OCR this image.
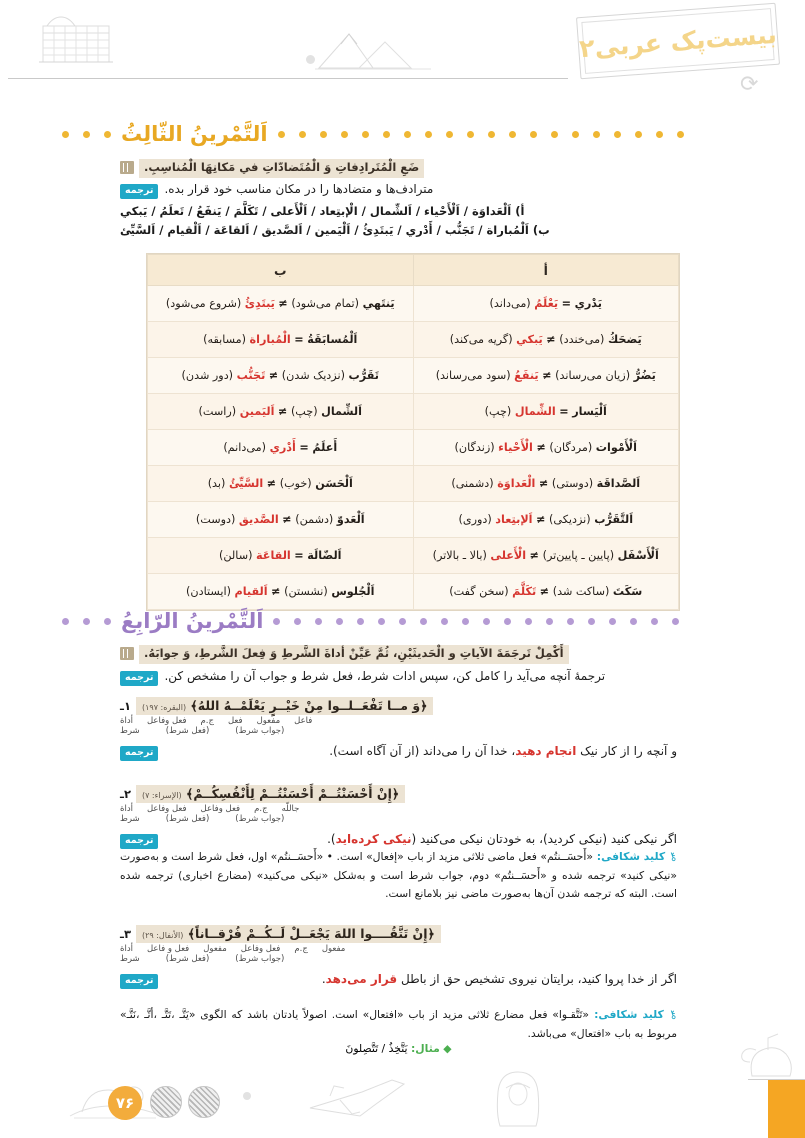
بیست‌پک عربی۲
⟳
اَلتَّمْرينُ الثّالِثُ
ضَعِ الْمُتَرادِفاتِ وَ الْمُتَضادّاتِ في مَكانِهَا الْمُناسِبِ.
ترجمه مترادف‌ها و متضادها را در مکان مناسب خود قرار بده.
أ) اَلْعَداوَة / اَلْأَحْياء / اَلشِّمال / الْإبتِعاد / اَلْأَعلی / تَكَلَّمَ / يَنفَعُ / تَعلَمُ / يَبكي
ب) اَلْمُباراة / تَجَنُّب / أَدْري / يَبتَدِئُ / اَلْيَمين / اَلصَّديق / اَلقاعَة / اَلْقيام / اَلسَّيِّئ
أ	ب
يَدْري = يَعْلَمُ (می‌داند)	يَنتَهي (تمام می‌شود) ≠ يَبتَدِئُ (شروع می‌شود)
يَضحَكُ (می‌خندد) ≠ يَبكي (گریه می‌کند)	اَلْمُسابَقَةُ = الْمُباراة (مسابقه)
يَضُرُّ (زیان می‌رساند) ≠ يَنفَعُ (سود می‌رساند)	تَقَرُّب (نزدیک شدن) ≠ تَجَنُّب (دور شدن)
اَلْيَسار = الشِّمال (چپ)	اَلشِّمال (چپ) ≠ اَليَمين (راست)
اَلْأَمْوات (مردگان) ≠ الْأَحْياء (زندگان)	أَعلَمُ = أَدْري (می‌دانم)
اَلصَّداقَة (دوستی) ≠ الْعَداوَة (دشمنی)	اَلْحَسَن (خوب) ≠ السَّيِّئُ (بد)
اَلتَّقَرُّب (نزدیکی) ≠ اَلإبتِعاد (دوری)	اَلْعَدوّ (دشمن) ≠ الصَّديق (دوست)
اَلْأَسْفَل (پایین ـ پایین‌تر) ≠ الْأَعلی (بالا ـ بالاتر)	اَلضّالَة = القاعَة (سالن)
سَكَتَ (ساکت شد) ≠ تَكَلَّمَ (سخن گفت)	اَلْجُلوس (نشستن) ≠ اَلقيام (ایستادن)
اَلتَّمْرينُ الرّابِعُ
أَكْمِلْ تَرجَمَةَ الآياتِ و الْحَديثَيْنِ، ثُمَّ عَيِّنْ أداةَ الشَّرطِ وَ فِعلَ الشَّرطِ، وَ جوابَهُ.
ترجمه ترجمهٔ آنچه می‌آید را کامل کن، سپس ادات شرط، فعل شرط و جواب آن را مشخص کن.
۱ـ	﴿وَ مــا تَفْعَــلــوا مِنْ خَيْــرٍ يَعْلَمْــهُ اللهُ﴾ (البقره: ۱۹۷)
أداة فعل وفاعل ج.م فعل مفعول فاعل
شرط	(فعل شرط)	(جواب شرط)
ترجمه	و آنچه را از کار نیک انجام دهید، خدا آن را می‌داند (از آن آگاه است).
۲ـ	﴿إِنْ أَحْسَنْتُــمْ أَحْسَنْتُــمْ لِأَنْفُسِكُــمْ﴾ (الإسراء: ۷)
أداة فعل وفاعل فعل وفاعل ج.م جاللّه
شرط	(فعل شرط)	(جواب شرط)
ترجمه	اگر نیکی کنید (نیکی کردید)، به خودتان نیکی می‌کنید (نیکی کرده‌اید).
۳ـ	﴿إِنْ تَتَّقُــــوا اللهَ يَجْعَــلْ لَــكُــمْ فُرْقــاناً﴾ (الأنفال: ۲۹)
أداة فعل و فاعل مفعول فعل وفاعل ج.م مفعول
شرط	(فعل شرط)	(جواب شرط)
ترجمه	اگر از خدا پروا کنید، برایتان نیروی تشخیص حق از باطل قرار می‌دهد.
⚷ کلید شکافی: «أَحسَــنتُم» فعل ماضی ثلاثی مزید از باب «إفعال» است. • «أَحسَــنتُم» اول، فعل شرط است و به‌صورت «نیکی کنید» ترجمه شده و «أَحسَــنتُم» دوم، جواب شرط است و به‌شکل «نیکی می‌کنید» (مضارع اخباری) ترجمه شده است. البته که ترجمه شدن آن‌ها به‌صورت ماضی نیز بلامانع است.
⚷ کلید شکافی: «تَتَّقـوا» فعل مضارع ثلاثی مزید از باب «افتعال» است. اصولاً یادتان باشد که الگوی «یَتَّـ ،تَتَّـ ،أتَّـ ،نَتَّـ» مربوط به باب «افتعال» می‌باشد.
◆ مثال: يَتَّخِذُ / تَتَّصِلونَ
۷۶
